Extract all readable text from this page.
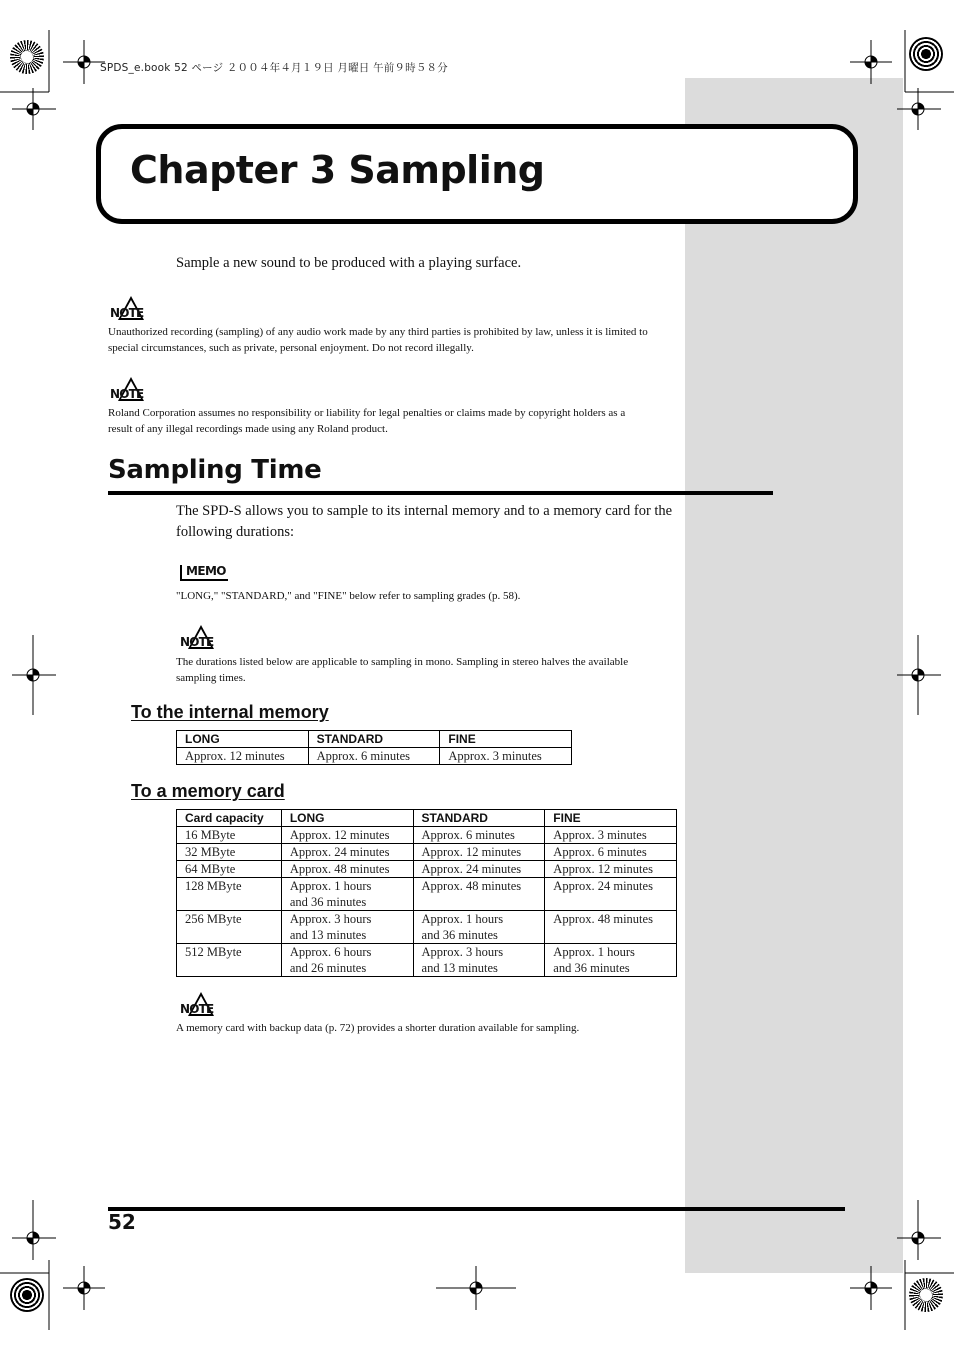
SPDS_e.book 52 ページ ２００４年４月１９日 月曜日 午前９時５８分
Chapter 3 Sampling
Sample a new sound to be produced with a playing surface.
NOTE
Unauthorized recording (sampling) of any audio work made by any third parties is prohibited by law, unless it is limited to special circumstances, such as private, personal enjoyment. Do not record illegally.
NOTE
Roland Corporation assumes no responsibility or liability for legal penalties or claims made by copyright holders as a result of any illegal recordings made using any Roland product.
Sampling Time
The SPD-S allows you to sample to its internal memory and to a memory card for the following durations:
MEMO
"LONG," "STANDARD," and "FINE" below refer to sampling grades (p. 58).
NOTE
The durations listed below are applicable to sampling in mono. Sampling in stereo halves the available sampling times.
To the internal memory
LONG	STANDARD	FINE
Approx. 12 minutes	Approx. 6 minutes	Approx. 3 minutes
To a memory card
Card capacity	LONG	STANDARD	FINE
16 MByte	Approx. 12 minutes	Approx. 6 minutes	Approx. 3 minutes
32 MByte	Approx. 24 minutes	Approx. 12 minutes	Approx. 6 minutes
64 MByte	Approx. 48 minutes	Approx. 24 minutes	Approx. 12 minutes
128 MByte	Approx. 1 hours
and 36 minutes	Approx. 48 minutes	Approx. 24 minutes
256 MByte	Approx. 3 hours
and 13 minutes	Approx. 1 hours
and 36 minutes	Approx. 48 minutes
512 MByte	Approx. 6 hours
and 26 minutes	Approx. 3 hours
and 13 minutes	Approx. 1 hours
and 36 minutes
NOTE
A memory card with backup data (p. 72) provides a shorter duration available for sampling.
52
